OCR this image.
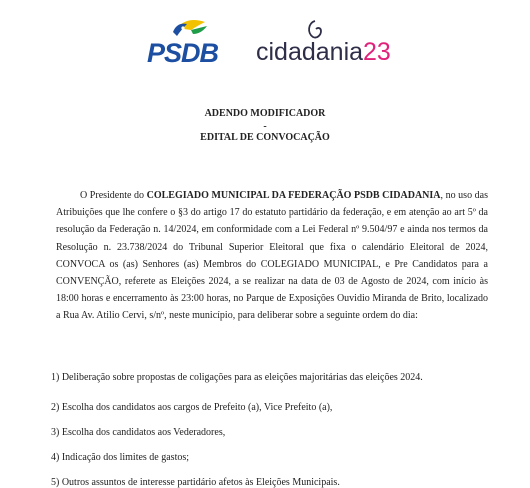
PSDB cidadania23
ADENDO MODIFICADOR
-
EDITAL DE CONVOCAÇÃO
O Presidente do COLEGIADO MUNICIPAL DA FEDERAÇÃO PSDB CIDADANIA, no uso das Atribuições que lhe confere o §3 do artigo 17 do estatuto partidário da federação, e em atenção ao art 5º da resolução da Federação n. 14/2024, em conformidade com a Lei Federal nº 9.504/97 e ainda nos termos da Resolução n. 23.738/2024 do Tribunal Superior Eleitoral que fixa o calendário Eleitoral de 2024, CONVOCA os (as) Senhores (as) Membros do COLEGIADO MUNICIPAL, e Pre Candidatos para a CONVENÇÃO, referete as Eleições 2024, a se realizar na data de 03 de Agosto de 2024, com início às 18:00 horas e encerramento às 23:00 horas, no Parque de Exposições Ouvidio Miranda de Brito, localizado a Rua Av. Atilio Cervi, s/nº, neste município, para deliberar sobre a seguinte ordem do dia:
1) Deliberação sobre propostas de coligações para as eleições majoritárias das eleições 2024.
2) Escolha dos candidatos aos cargos de Prefeito (a), Vice Prefeito (a),
3) Escolha dos candidatos aos Vederadores,
4) Indicação dos limites de gastos;
5) Outros assuntos de interesse partidário afetos às Eleições Municipais.
